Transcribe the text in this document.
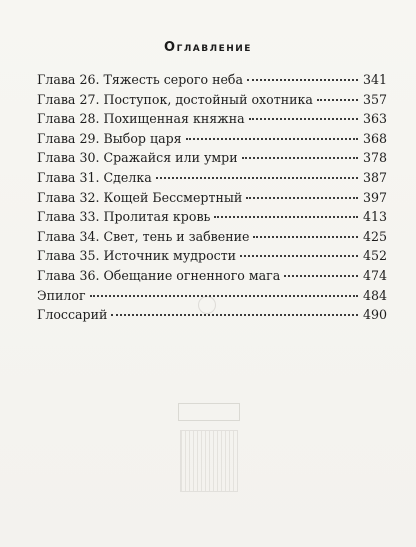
Оглавление
Глава 26. Тяжесть серого неба	341
Глава 27. Поступок, достойный охотника	357
Глава 28. Похищенная княжна	363
Глава 29. Выбор царя	368
Глава 30. Сражайся или умри	378
Глава 31. Сделка	387
Глава 32. Кощей Бессмертный	397
Глава 33. Пролитая кровь	413
Глава 34. Свет, тень и забвение	425
Глава 35. Источник мудрости	452
Глава 36. Обещание огненного мага	474
Эпилог	484
Глоссарий	490
